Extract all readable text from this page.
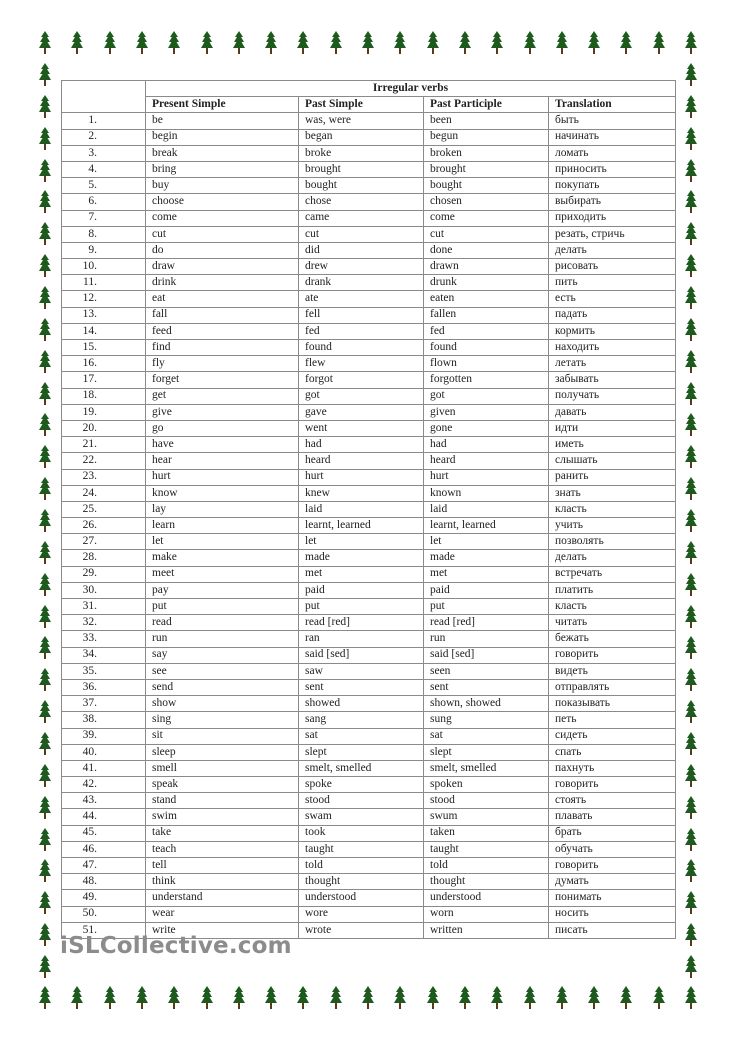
	Irregular verbs			
	Present Simple	Past Simple	Past Participle	Translation
1.	be	was, were	been	быть
2.	begin	began	begun	начинать
3.	break	broke	broken	ломать
4.	bring	brought	brought	приносить
5.	buy	bought	bought	покупать
6.	choose	chose	chosen	выбирать
7.	come	came	come	приходить
8.	cut	cut	cut	резать, стричь
9.	do	did	done	делать
10.	draw	drew	drawn	рисовать
11.	drink	drank	drunk	пить
12.	eat	ate	eaten	есть
13.	fall	fell	fallen	падать
14.	feed	fed	fed	кормить
15.	find	found	found	находить
16.	fly	flew	flown	летать
17.	forget	forgot	forgotten	забывать
18.	get	got	got	получать
19.	give	gave	given	давать
20.	go	went	gone	идти
21.	have	had	had	иметь
22.	hear	heard	heard	слышать
23.	hurt	hurt	hurt	ранить
24.	know	knew	known	знать
25.	lay	laid	laid	класть
26.	learn	learnt, learned	learnt, learned	учить
27.	let	let	let	позволять
28.	make	made	made	делать
29.	meet	met	met	встречать
30.	pay	paid	paid	платить
31.	put	put	put	класть
32.	read	read [red]	read [red]	читать
33.	run	ran	run	бежать
34.	say	said [sed]	said [sed]	говорить
35.	see	saw	seen	видеть
36.	send	sent	sent	отправлять
37.	show	showed	shown, showed	показывать
38.	sing	sang	sung	петь
39.	sit	sat	sat	сидеть
40.	sleep	slept	slept	спать
41.	smell	smelt, smelled	smelt, smelled	пахнуть
42.	speak	spoke	spoken	говорить
43.	stand	stood	stood	стоять
44.	swim	swam	swum	плавать
45.	take	took	taken	брать
46.	teach	taught	taught	обучать
47.	tell	told	told	говорить
48.	think	thought	thought	думать
49.	understand	understood	understood	понимать
50.	wear	wore	worn	носить
51.	write	wrote	written	писать
iSLCollective.com
